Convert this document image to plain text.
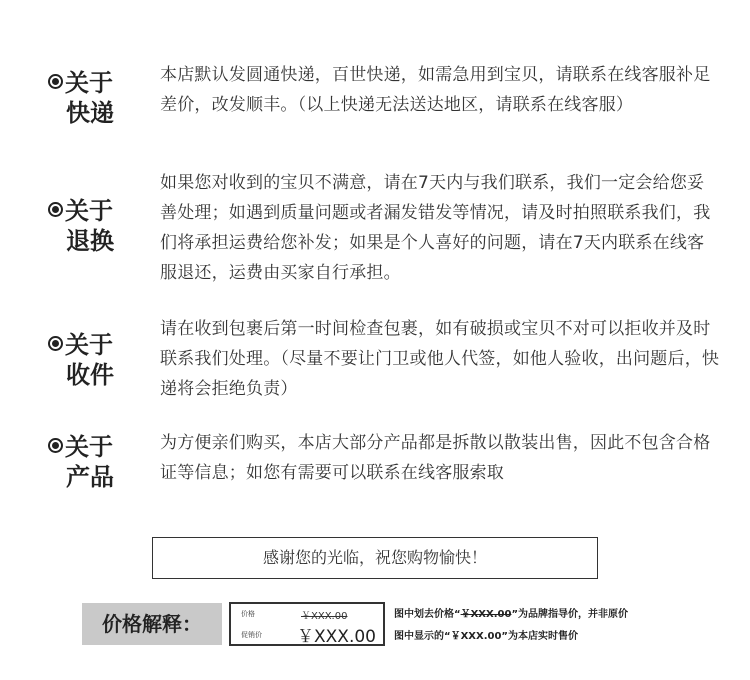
关于
快递
本店默认发圆通快递，百世快递，如需急用到宝贝，请联系在线客服补足差价，改发顺丰。（以上快递无法送达地区，请联系在线客服）
关于
退换
如果您对收到的宝贝不满意，请在7天内与我们联系，我们一定会给您妥善处理；如遇到质量问题或者漏发错发等情况，请及时拍照联系我们，我们将承担运费给您补发；如果是个人喜好的问题，请在7天内联系在线客服退还，运费由买家自行承担。
关于
收件
请在收到包裹后第一时间检查包裹，如有破损或宝贝不对可以拒收并及时联系我们处理。（尽量不要让门卫或他人代签，如他人验收，出问题后，快递将会拒绝负责）
关于
产品
为方便亲们购买，本店大部分产品都是拆散以散装出售，因此不包含合格证等信息；如您有需要可以联系在线客服索取
感谢您的光临，祝您购物愉快！
价格解释：	价格	￥XXX.00
促销价 ￥XXX.00
图中划去价格“￥XXX.00”为品牌指导价，并非原价
图中显示的“￥XXX.00”为本店实时售价
